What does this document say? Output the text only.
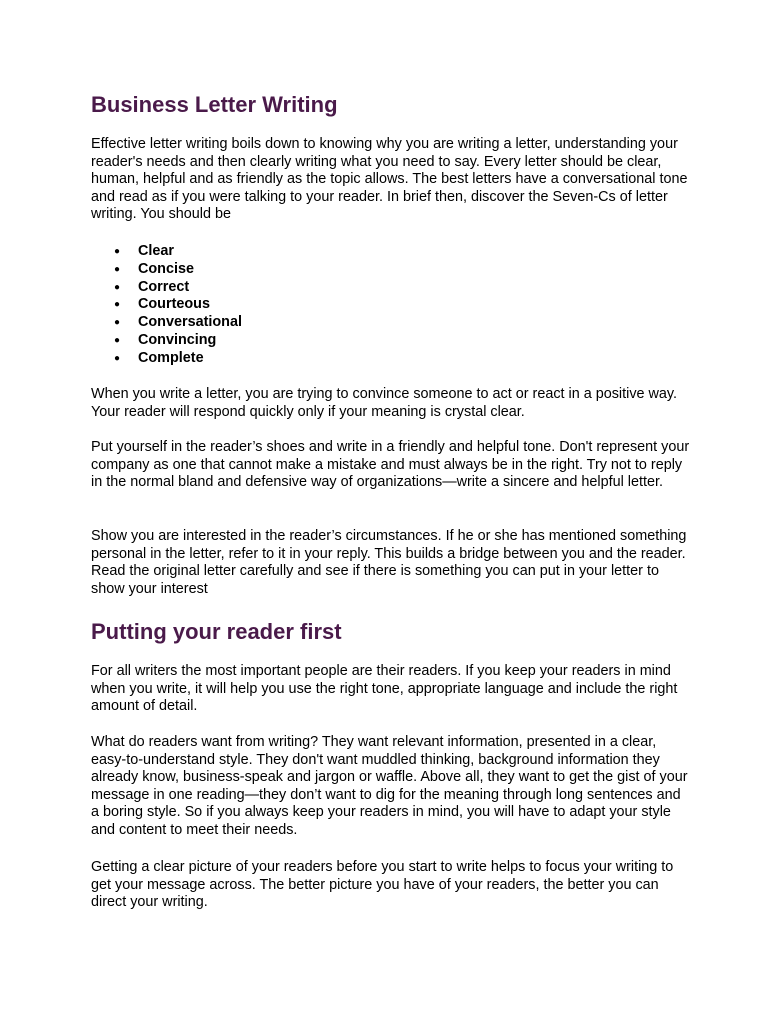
Business Letter Writing

Effective letter writing boils down to knowing why you are writing a letter, understanding your reader's needs and then clearly writing what you need to say. Every letter should be clear, human, helpful and as friendly as the topic allows. The best letters have a conversational tone and read as if you were talking to your reader. In brief then, discover the Seven-Cs of letter writing. You should be

● Clear
● Concise
● Correct
● Courteous
● Conversational
● Convincing
● Complete

When you write a letter, you are trying to convince someone to act or react in a positive way. Your reader will respond quickly only if your meaning is crystal clear.

Put yourself in the reader’s shoes and write in a friendly and helpful tone. Don't represent your company as one that cannot make a mistake and must always be in the right. Try not to reply in the normal bland and defensive way of organizations—write a sincere and helpful letter.

Show you are interested in the reader’s circumstances. If he or she has mentioned something personal in the letter, refer to it in your reply. This builds a bridge between you and the reader. Read the original letter carefully and see if there is something you can put in your letter to show your interest

Putting your reader first

For all writers the most important people are their readers. If you keep your readers in mind when you write, it will help you use the right tone, appropriate language and include the right amount of detail.

What do readers want from writing? They want relevant information, presented in a clear, easy-to-understand style. They don't want muddled thinking, background information they already know, business-speak and jargon or waffle. Above all, they want to get the gist of your message in one reading—they don’t want to dig for the meaning through long sentences and a boring style. So if you always keep your readers in mind, you will have to adapt your style and content to meet their needs.

Getting a clear picture of your readers before you start to write helps to focus your writing to get your message across. The better picture you have of your readers, the better you can direct your writing.
